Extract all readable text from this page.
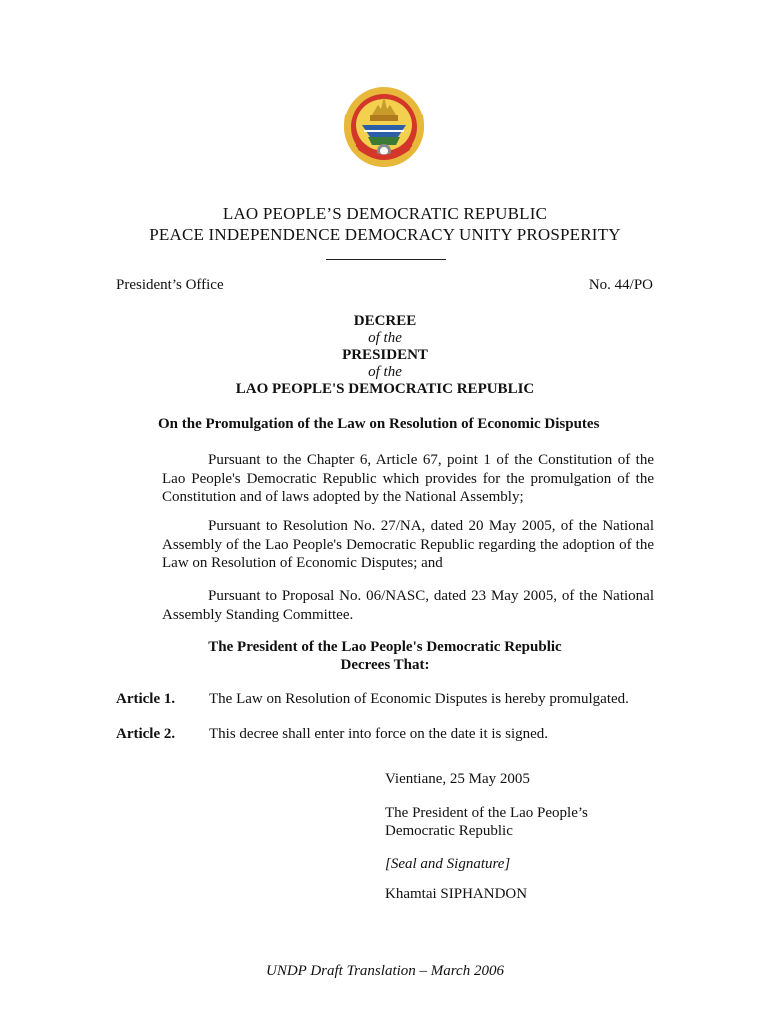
LAO PEOPLE’S DEMOCRATIC REPUBLIC
PEACE INDEPENDENCE DEMOCRACY UNITY PROSPERITY
President’s Office	No. 44/PO
DECREE
of the
PRESIDENT
of the
LAO PEOPLE'S DEMOCRATIC REPUBLIC
On the Promulgation of the Law on Resolution of Economic Disputes
Pursuant to the Chapter 6, Article 67, point 1 of the Constitution of the Lao People's Democratic Republic which provides for the promulgation of the Constitution and of laws adopted by the National Assembly;
Pursuant to Resolution No. 27/NA, dated 20 May 2005, of the National Assembly of the Lao People's Democratic Republic regarding the adoption of the Law on Resolution of Economic Disputes; and
Pursuant to Proposal No. 06/NASC, dated 23 May 2005, of the National Assembly Standing Committee.
The President of the Lao People's Democratic Republic
Decrees That:
Article 1. The Law on Resolution of Economic Disputes is hereby promulgated.
Article 2. This decree shall enter into force on the date it is signed.
Vientiane, 25 May 2005
The President of the Lao People’s
Democratic Republic
[Seal and Signature]
Khamtai SIPHANDON
UNDP Draft Translation – March 2006
